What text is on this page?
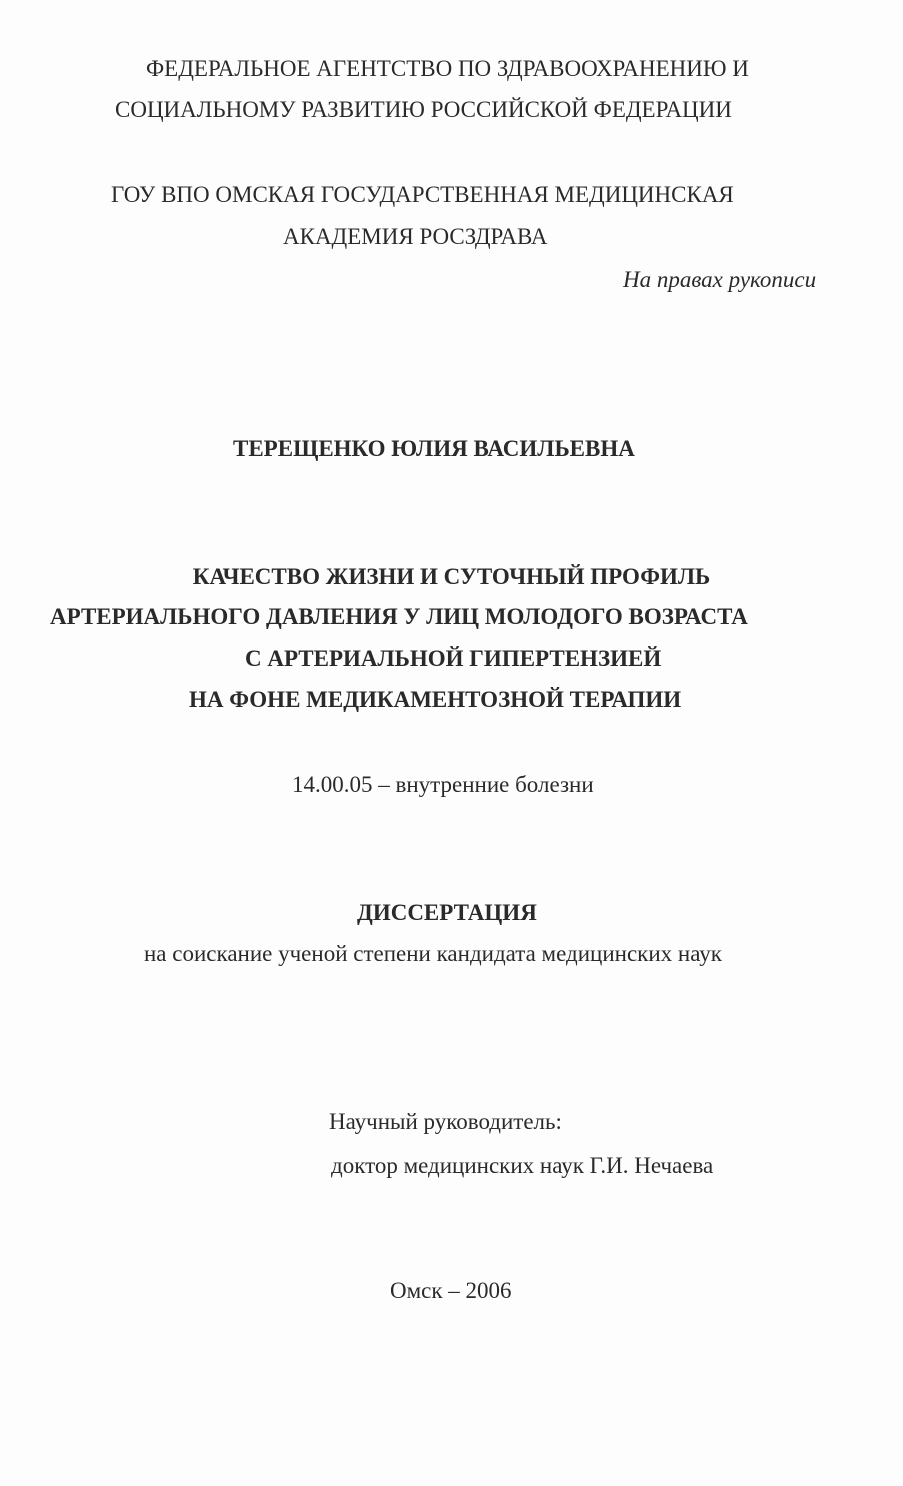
ФЕДЕРАЛЬНОЕ АГЕНТСТВО ПО ЗДРАВООХРАНЕНИЮ И
СОЦИАЛЬНОМУ РАЗВИТИЮ РОССИЙСКОЙ ФЕДЕРАЦИИ
ГОУ ВПО ОМСКАЯ ГОСУДАРСТВЕННАЯ МЕДИЦИНСКАЯ
АКАДЕМИЯ РОСЗДРАВА
На правах рукописи
ТЕРЕЩЕНКО ЮЛИЯ ВАСИЛЬЕВНА
КАЧЕСТВО ЖИЗНИ И СУТОЧНЫЙ ПРОФИЛЬ
АРТЕРИАЛЬНОГО ДАВЛЕНИЯ У ЛИЦ МОЛОДОГО ВОЗРАСТА
С АРТЕРИАЛЬНОЙ ГИПЕРТЕНЗИЕЙ
НА ФОНЕ МЕДИКАМЕНТОЗНОЙ ТЕРАПИИ
14.00.05 – внутренние болезни
ДИССЕРТАЦИЯ
на соискание ученой степени кандидата медицинских наук
Научный руководитель:
доктор медицинских наук Г.И. Нечаева
Омск – 2006
